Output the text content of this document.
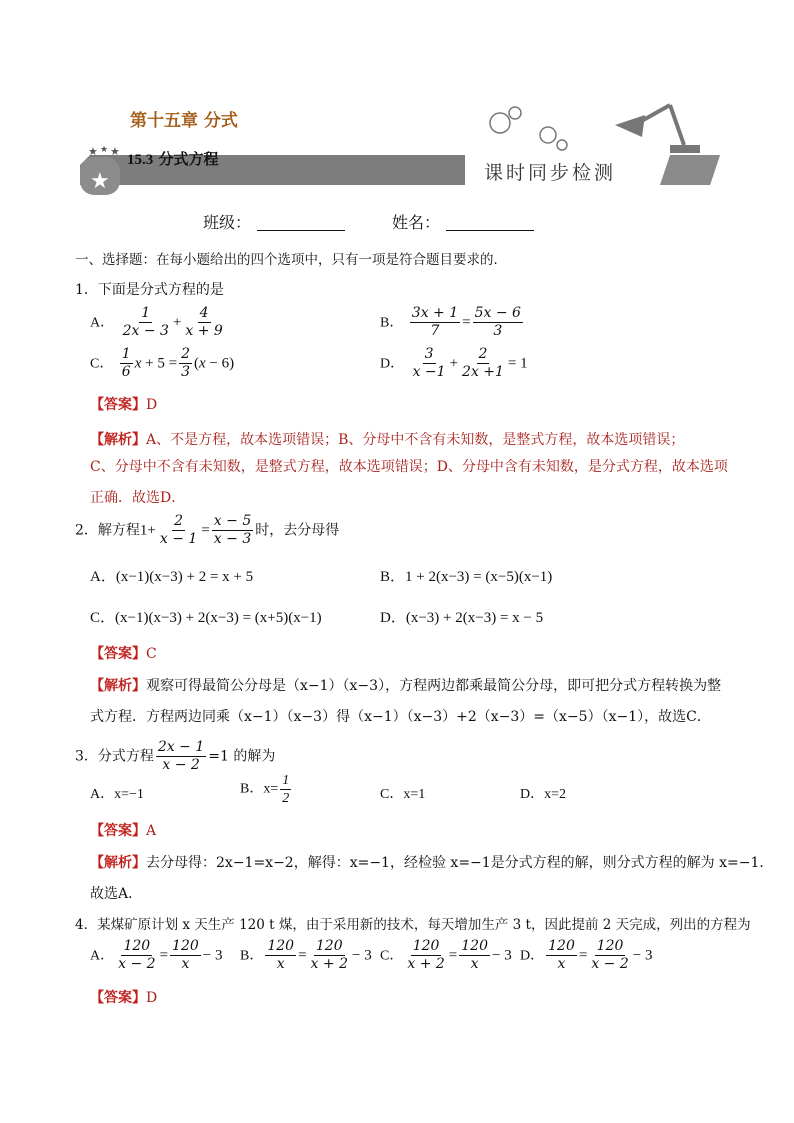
★
★ ★ ★
第十五章 分式
15.3 分式方程
课时同步检测
班级：	姓名：
一、选择题：在每小题给出的四个选项中，只有一项是符合题目要求的．
1．下面是分式方程的是
A． $\frac{1}{2x - 3} + \frac{4}{x + 9}$	B． $\frac{3x + 1}{7} = \frac{5x - 6}{3}$
C． $\frac{1}{6}$ $x + 5 = \frac{2}{3} (x - 6)$	D． $\frac{3}{x -1} + \frac{2}{2x +1} = 1$
【答案】D
【解析】A、不是方程，故本选项错误；B、分母中不含有未知数，是整式方程，故本选项错误；
C、分母中不含有未知数，是整式方程，故本选项错误；D、分母中含有未知数，是分式方程，故本选项
正确．故选D．
2．解方程$1+ \frac{2}{x - 1} = \frac{x - 5}{x - 3}$ 时，去分母得
A．(x−1)(x−3) + 2 = x + 5	B．1 + 2(x−3) = (x−5)(x−1)
C．(x−1)(x−3) + 2(x−3) = (x+5)(x−1)	D．(x−3) + 2(x−3) = x − 5
【答案】C
【解析】观察可得最简公分母是（x−1）（x−3），方程两边都乘最简公分母，即可把分式方程转换为整
式方程．方程两边同乘（x−1）（x−3）得（x−1）（x−3）+2（x−3）=（x−5）（x−1），故选C．
3．分式方程 $\frac{2x - 1}{x - 2} =1$ 的解为
A．x=−1	B．$x= \frac{1}{2}$	C．x=1	D．x=2
【答案】A
【解析】去分母得：2x−1=x−2，解得：x=−1，经检验 x=−1是分式方程的解，则分式方程的解为 x=−1．
故选A．
4．某煤矿原计划 x 天生产 120 t 煤，由于采用新的技术，每天增加生产 3 t，因此提前 2 天完成，列出的方程为
A． $\frac{120}{x - 2} = \frac{120}{x} - 3$ B． $\frac{120}{x} = \frac{120}{x + 2} - 3$ C． $\frac{120}{x + 2} = \frac{120}{x} - 3$ D． $\frac{120}{x} = \frac{120}{x - 2} - 3$
【答案】D
